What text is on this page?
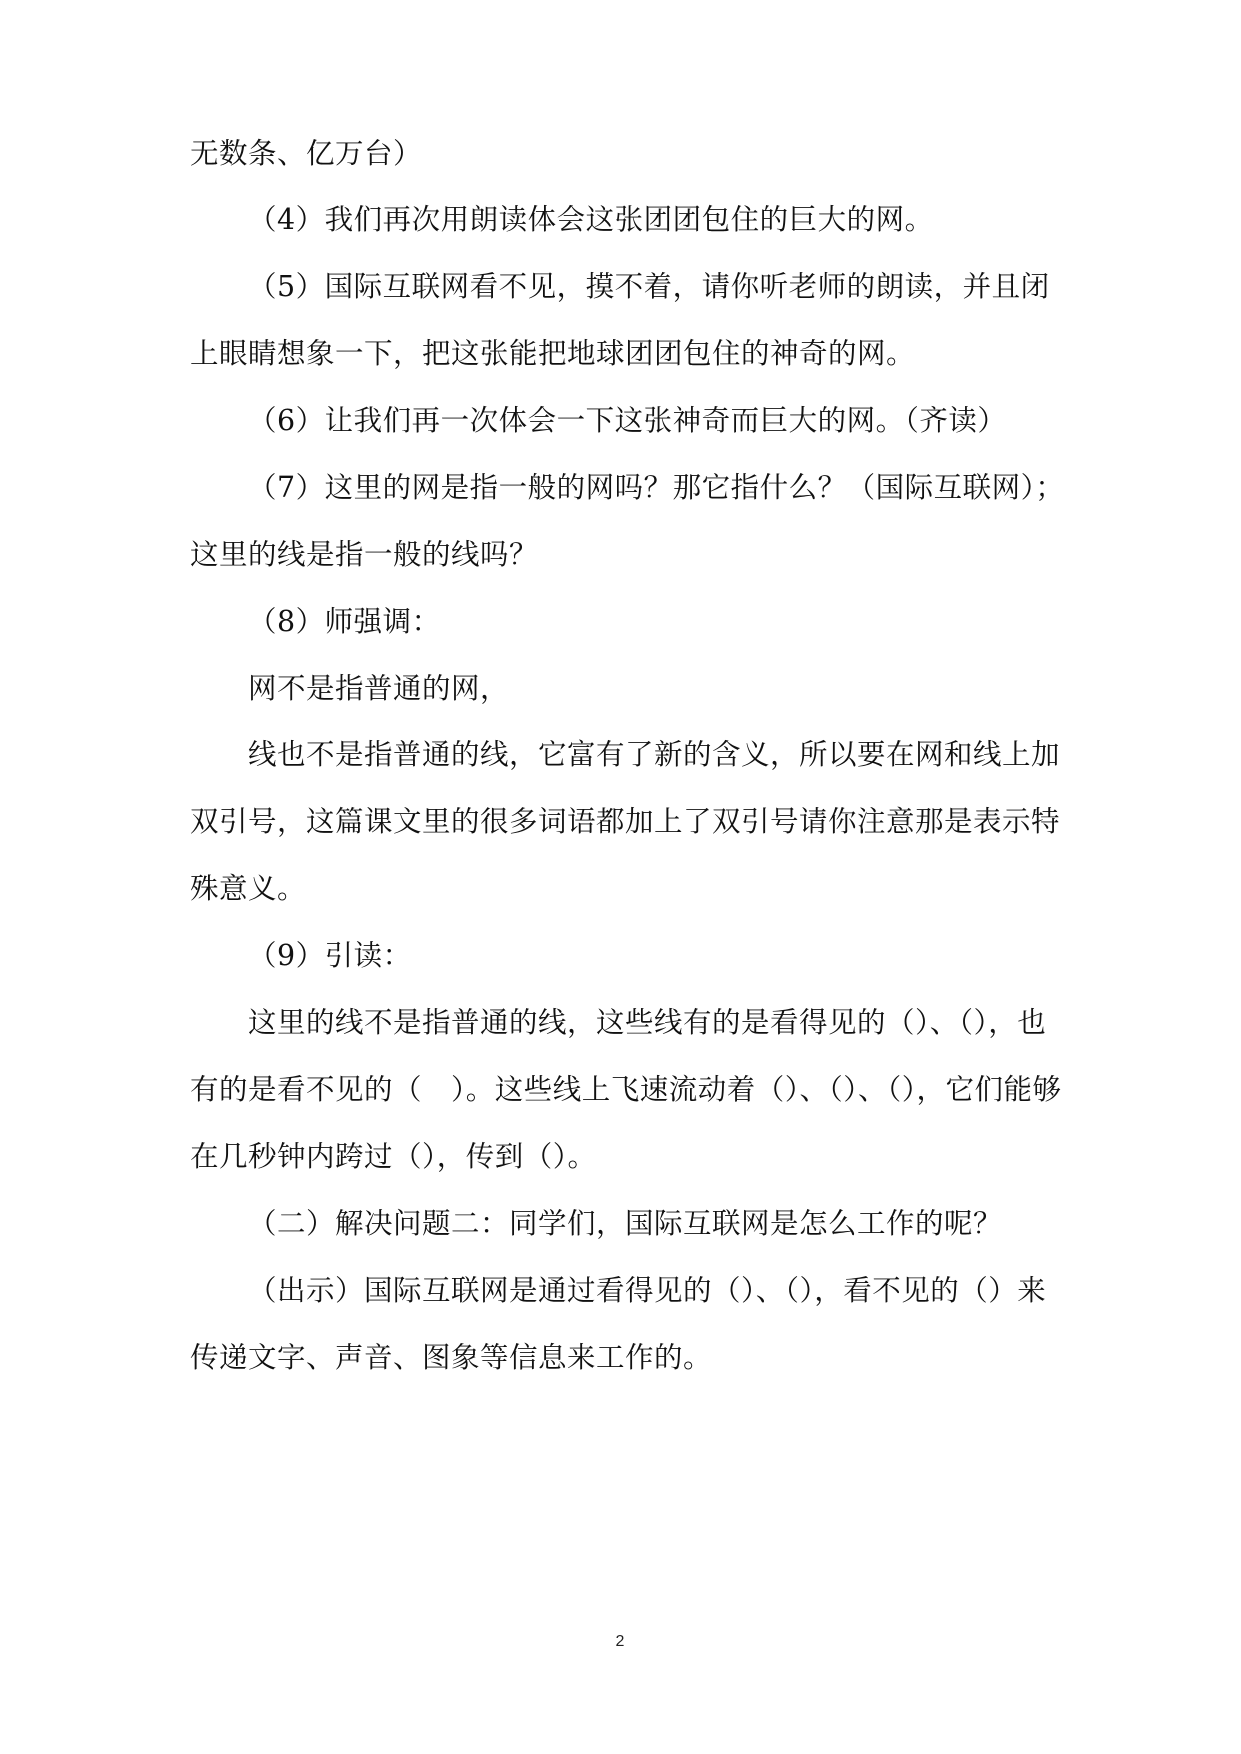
无数条、亿万台）
（4）我们再次用朗读体会这张团团包住的巨大的网。
（5）国际互联网看不见，摸不着，请你听老师的朗读，并且闭
上眼睛想象一下，把这张能把地球团团包住的神奇的网。
（6）让我们再一次体会一下这张神奇而巨大的网。（齐读）
（7）这里的网是指一般的网吗？那它指什么？（国际互联网）；
这里的线是指一般的线吗？
（8）师强调：
网不是指普通的网，
线也不是指普通的线，它富有了新的含义，所以要在网和线上加
双引号，这篇课文里的很多词语都加上了双引号请你注意那是表示特
殊意义。
（9）引读：
这里的线不是指普通的线，这些线有的是看得见的（）、（），也
有的是看不见的（　）。这些线上飞速流动着（）、（）、（），它们能够
在几秒钟内跨过（），传到（）。
（二）解决问题二：同学们，国际互联网是怎么工作的呢？
（出示）国际互联网是通过看得见的（）、（），看不见的（）来
传递文字、声音、图象等信息来工作的。
2
